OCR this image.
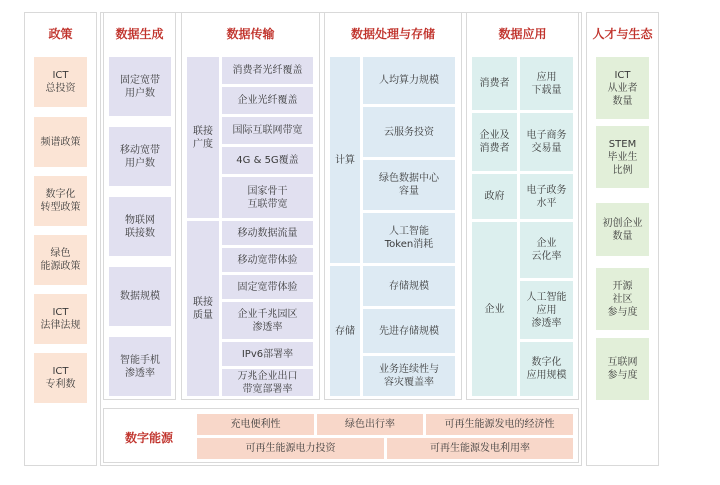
政策
ICT
总投资
频谱政策
数字化
转型政策
绿色
能源政策
ICT
法律法规
ICT
专利数
数据生成
固定宽带
用户数
移动宽带
用户数
物联网
联接数
数据规模
智能手机
渗透率
数据传输
联接
广度
消费者光纤覆盖
企业光纤覆盖
国际互联网带宽
4G & 5G覆盖
国家骨干
互联带宽
联接
质量
移动数据流量
移动宽带体验
固定宽带体验
企业千兆园区
渗透率
IPv6部署率
万兆企业出口
带宽部署率
数据处理与存储
计算
人均算力规模
云服务投资
绿色数据中心
容量
人工智能
Token消耗
存储
存储规模
先进存储规模
业务连续性与
容灾覆盖率
数据应用
消费者
应用
下载量
企业及
消费者
电子商务
交易量
政府
电子政务
水平
企业
企业
云化率
人工智能
应用
渗透率
数字化
应用规模
人才与生态
ICT
从业者
数量
STEM
毕业生
比例
初创企业
数量
开源
社区
参与度
互联网
参与度
数字能源
充电便利性	绿色出行率	可再生能源发电的经济性
可再生能源电力投资	可再生能源发电利用率
